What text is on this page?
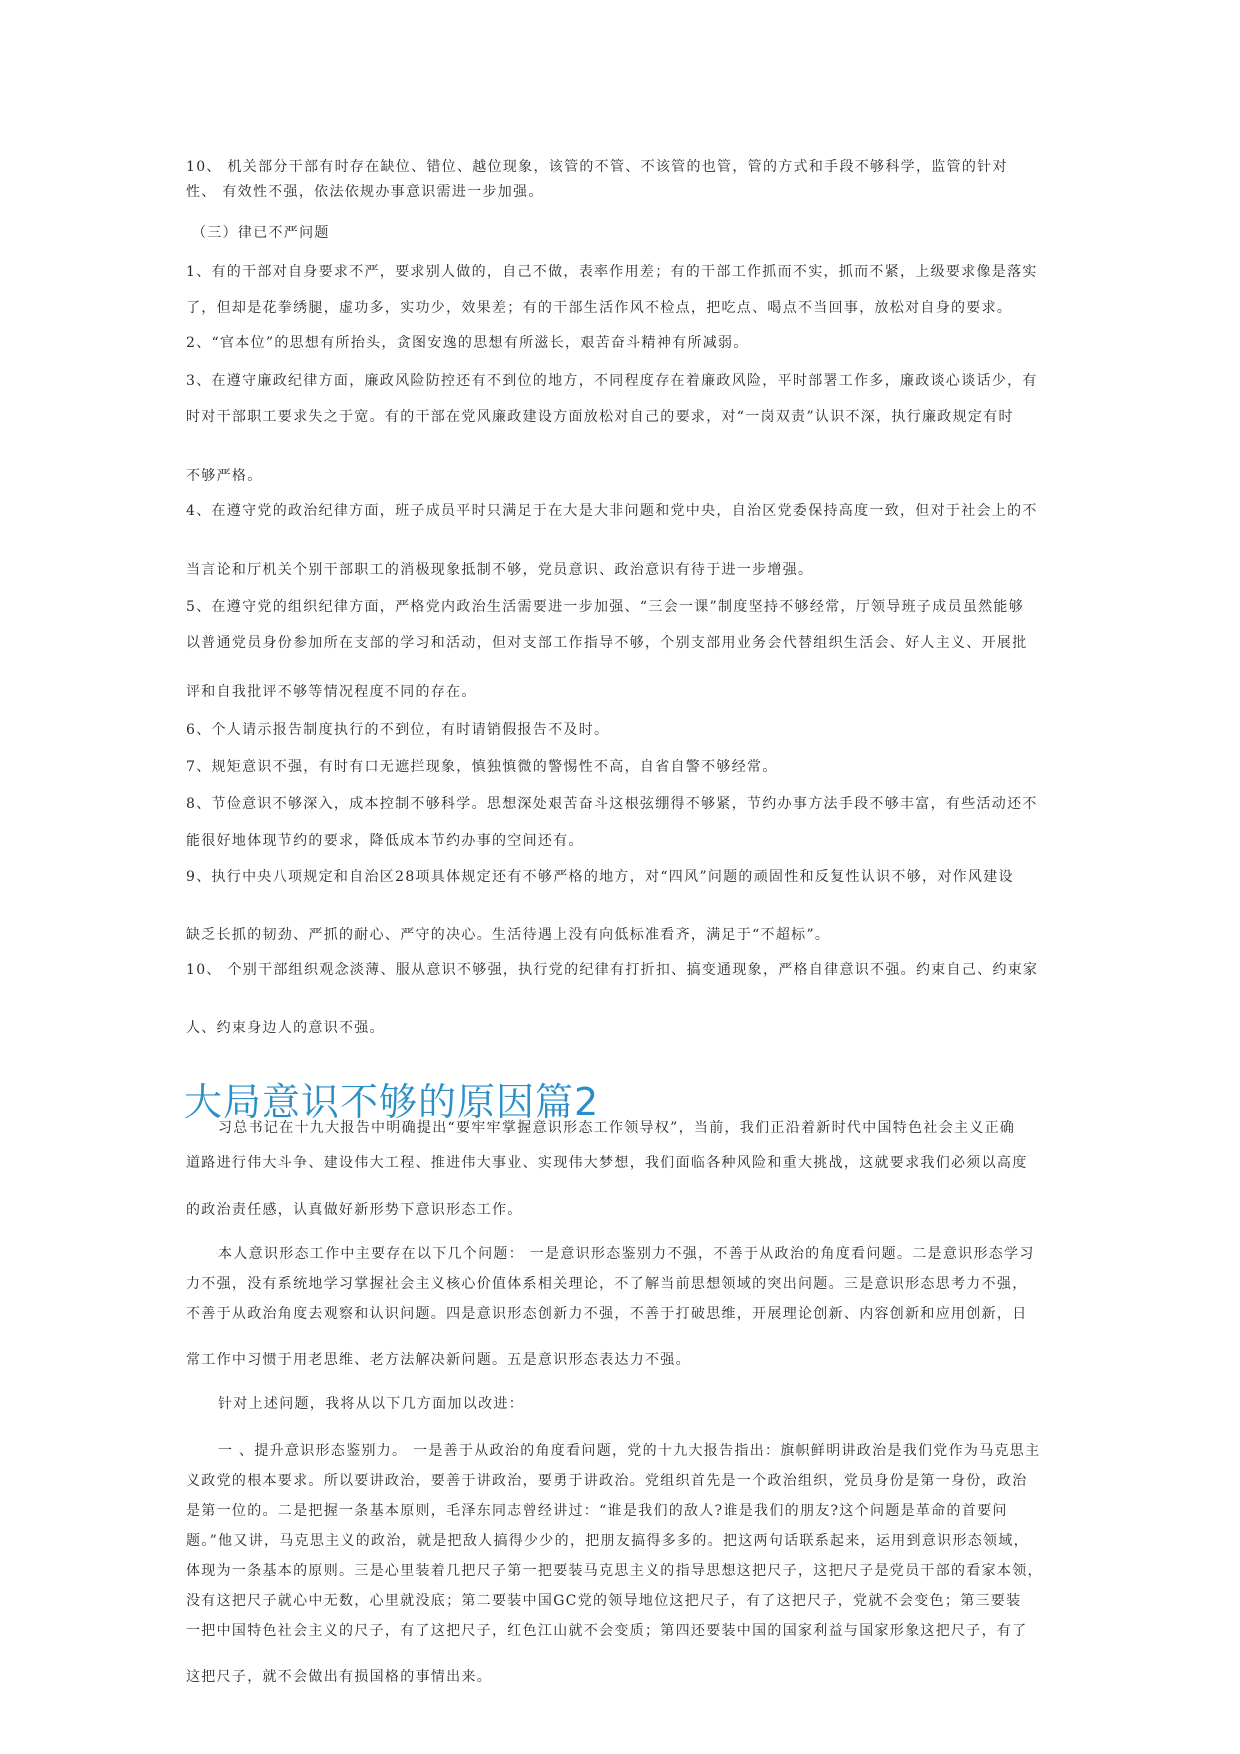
10、 机关部分干部有时存在缺位、错位、越位现象，该管的不管、不该管的也管，管的方式和手段不够科学，监管的针对
性、 有效性不强，依法依规办事意识需进一步加强。
（三）律已不严问题
1、有的干部对自身要求不严，要求别人做的，自己不做，表率作用差；有的干部工作抓而不实，抓而不紧，上级要求像是落实
了，但却是花拳绣腿，虚功多，实功少，效果差；有的干部生活作风不检点，把吃点、喝点不当回事，放松对自身的要求。
2、“官本位”的思想有所抬头，贪图安逸的思想有所滋长，艰苦奋斗精神有所减弱。
3、在遵守廉政纪律方面，廉政风险防控还有不到位的地方，不同程度存在着廉政风险，平时部署工作多，廉政谈心谈话少，有
时对干部职工要求失之于宽。有的干部在党风廉政建设方面放松对自己的要求，对“一岗双责”认识不深，执行廉政规定有时
不够严格。
4、在遵守党的政治纪律方面，班子成员平时只满足于在大是大非问题和党中央，自治区党委保持高度一致，但对于社会上的不
当言论和厅机关个别干部职工的消极现象抵制不够，党员意识、政治意识有待于进一步增强。
5、在遵守党的组织纪律方面，严格党内政治生活需要进一步加强、“三会一课”制度坚持不够经常，厅领导班子成员虽然能够
以普通党员身份参加所在支部的学习和活动，但对支部工作指导不够，个别支部用业务会代替组织生活会、好人主义、开展批
评和自我批评不够等情况程度不同的存在。
6、个人请示报告制度执行的不到位，有时请销假报告不及时。
7、规矩意识不强，有时有口无遮拦现象，慎独慎微的警惕性不高，自省自警不够经常。
8、节俭意识不够深入，成本控制不够科学。思想深处艰苦奋斗这根弦绷得不够紧，节约办事方法手段不够丰富，有些活动还不
能很好地体现节约的要求，降低成本节约办事的空间还有。
9、执行中央八项规定和自治区28项具体规定还有不够严格的地方，对“四风”问题的顽固性和反复性认识不够，对作风建设
缺乏长抓的韧劲、严抓的耐心、严守的决心。生活待遇上没有向低标准看齐，满足于“不超标”。
10、 个别干部组织观念淡薄、服从意识不够强，执行党的纪律有打折扣、搞变通现象，严格自律意识不强。约束自己、约束家
人、约束身边人的意识不强。
大局意识不够的原因篇2
习总书记在十九大报告中明确提出“要牢牢掌握意识形态工作领导权”，当前，我们正沿着新时代中国特色社会主义正确
道路进行伟大斗争、建设伟大工程、推进伟大事业、实现伟大梦想，我们面临各种风险和重大挑战，这就要求我们必须以高度
的政治责任感，认真做好新形势下意识形态工作。
本人意识形态工作中主要存在以下几个问题： 一是意识形态鉴别力不强，不善于从政治的角度看问题。二是意识形态学习
力不强，没有系统地学习掌握社会主义核心价值体系相关理论，不了解当前思想领域的突出问题。三是意识形态思考力不强，
不善于从政治角度去观察和认识问题。四是意识形态创新力不强，不善于打破思维，开展理论创新、内容创新和应用创新，日
常工作中习惯于用老思维、老方法解决新问题。五是意识形态表达力不强。
针对上述问题，我将从以下几方面加以改进：
一 、提升意识形态鉴别力。 一是善于从政治的角度看问题，党的十九大报告指出：旗帜鲜明讲政治是我们党作为马克思主
义政党的根本要求。所以要讲政治，要善于讲政治，要勇于讲政治。党组织首先是一个政治组织，党员身份是第一身份，政治
是第一位的。二是把握一条基本原则，毛泽东同志曾经讲过：“谁是我们的敌人?谁是我们的朋友?这个问题是革命的首要问
题。”他又讲，马克思主义的政治，就是把敌人搞得少少的，把朋友搞得多多的。把这两句话联系起来，运用到意识形态领域，
体现为一条基本的原则。三是心里装着几把尺子第一把要装马克思主义的指导思想这把尺子，这把尺子是党员干部的看家本领，
没有这把尺子就心中无数，心里就没底；第二要装中国GC党的领导地位这把尺子，有了这把尺子，党就不会变色；第三要装
一把中国特色社会主义的尺子，有了这把尺子，红色江山就不会变质；第四还要装中国的国家利益与国家形象这把尺子，有了
这把尺子，就不会做出有损国格的事情出来。
